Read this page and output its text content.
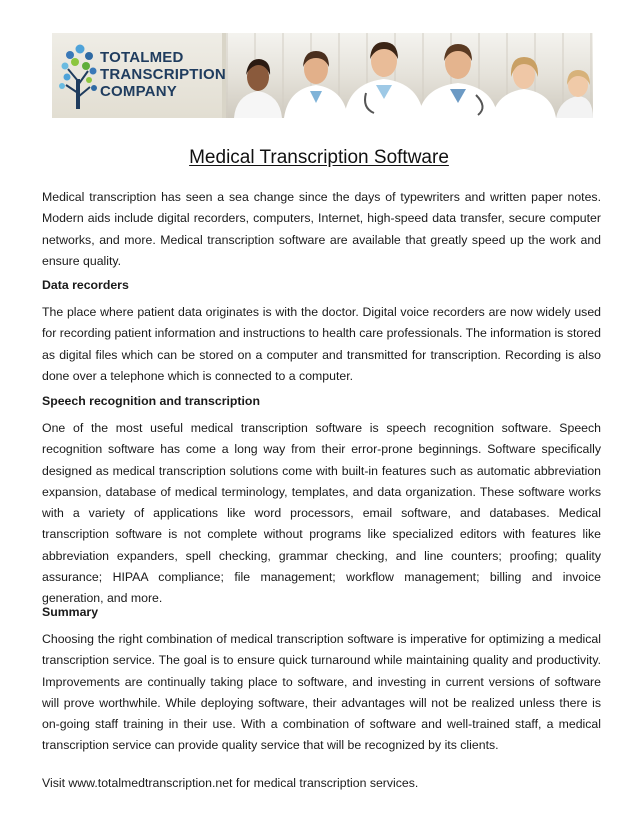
TOTALMED
TRANSCRIPTION
COMPANY
Medical Transcription Software

Medical transcription has seen a sea change since the days of typewriters and written paper notes. Modern aids include digital recorders, computers, Internet, high-speed data transfer, secure computer networks, and more. Medical transcription software are available that greatly speed up the work and ensure quality.

Data recorders

The place where patient data originates is with the doctor. Digital voice recorders are now widely used for recording patient information and instructions to health care professionals. The information is stored as digital files which can be stored on a computer and transmitted for transcription. Recording is also done over a telephone which is connected to a computer.

Speech recognition and transcription

One of the most useful medical transcription software is speech recognition software. Speech recognition software has come a long way from their error-prone beginnings. Software specifically designed as medical transcription solutions come with built-in features such as automatic abbreviation expansion, database of medical terminology, templates, and data organization. These software works with a variety of applications like word processors, email software, and databases. Medical transcription software is not complete without programs like specialized editors with features like abbreviation expanders, spell checking, grammar checking, and line counters; proofing; quality assurance; HIPAA compliance; file management; workflow management; billing and invoice generation, and more.

Summary

Choosing the right combination of medical transcription software is imperative for optimizing a medical transcription service. The goal is to ensure quick turnaround while maintaining quality and productivity. Improvements are continually taking place to software, and investing in current versions of software will prove worthwhile. While deploying software, their advantages will not be realized unless there is on-going staff training in their use. With a combination of software and well-trained staff, a medical transcription service can provide quality service that will be recognized by its clients.

Visit www.totalmedtranscription.net for medical transcription services.
